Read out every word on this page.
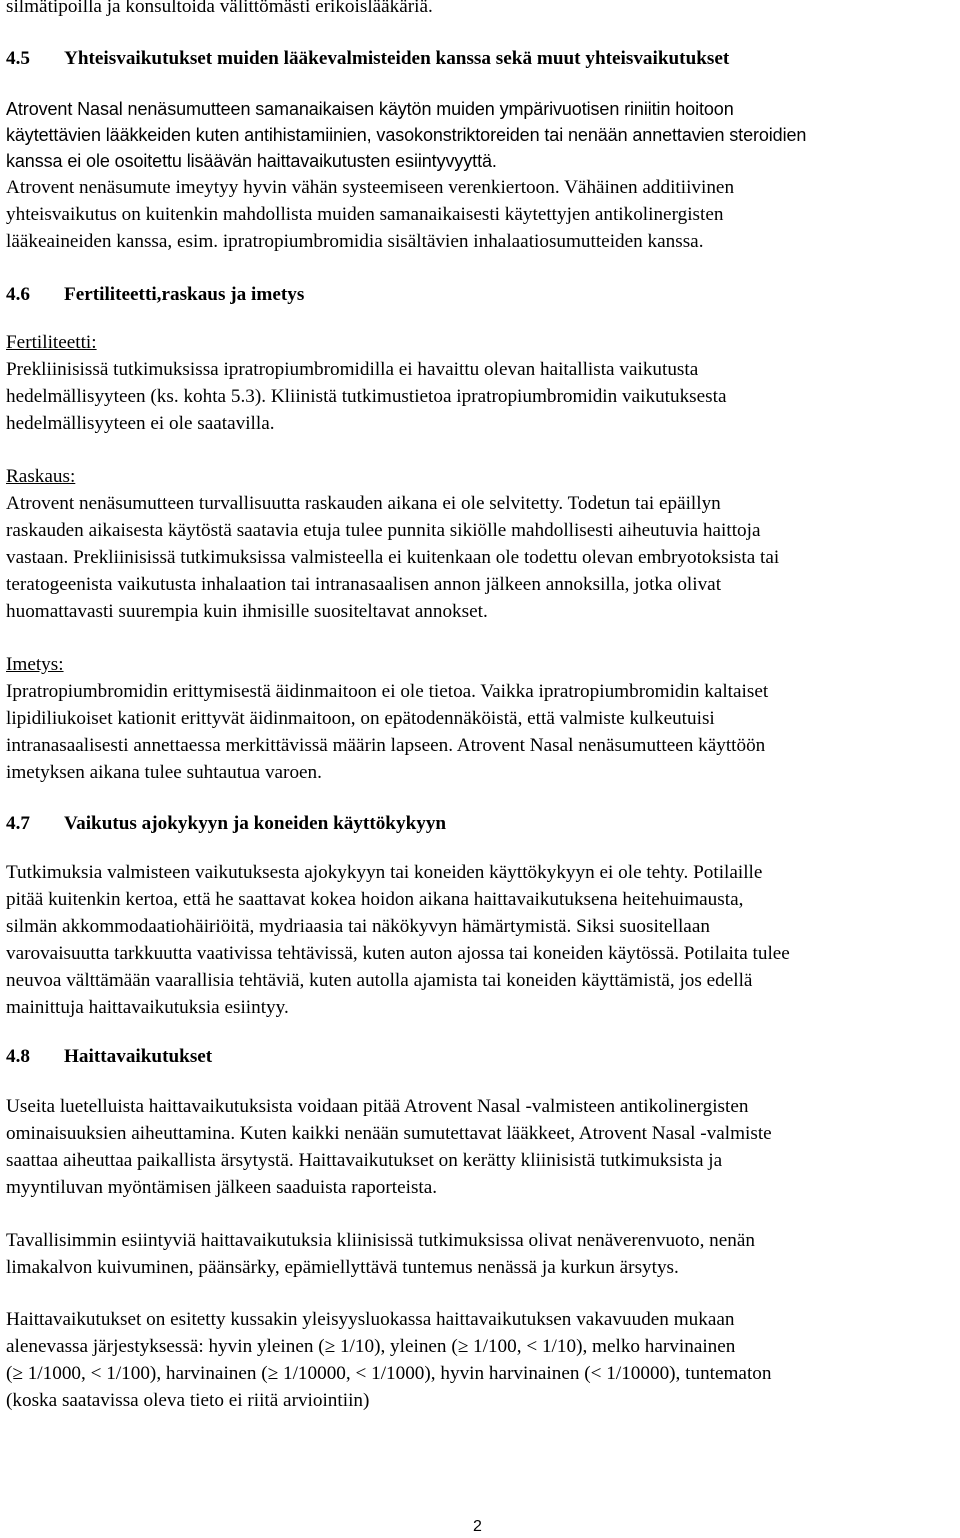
silmätipoilla ja konsultoida välittömästi erikoislääkäriä.
4.5 Yhteisvaikutukset muiden lääkevalmisteiden kanssa sekä muut yhteisvaikutukset
Atrovent Nasal nenäsumutteen samanaikaisen käytön muiden ympärivuotisen riniitin hoitoon
käytettävien lääkkeiden kuten antihistamiinien, vasokonstriktoreiden tai nenään annettavien steroidien
kanssa ei ole osoitettu lisäävän haittavaikutusten esiintyvyyttä.
Atrovent nenäsumute imeytyy hyvin vähän systeemiseen verenkiertoon. Vähäinen additiivinen
yhteisvaikutus on kuitenkin mahdollista muiden samanaikaisesti käytettyjen antikolinergisten
lääkeaineiden kanssa, esim. ipratropiumbromidia sisältävien inhalaatiosumutteiden kanssa.
4.6 Fertiliteetti,raskaus ja imetys
Fertiliteetti:
Prekliinisissä tutkimuksissa ipratropiumbromidilla ei havaittu olevan haitallista vaikutusta
hedelmällisyyteen (ks. kohta 5.3). Kliinistä tutkimustietoa ipratropiumbromidin vaikutuksesta
hedelmällisyyteen ei ole saatavilla.
Raskaus:
Atrovent nenäsumutteen turvallisuutta raskauden aikana ei ole selvitetty. Todetun tai epäillyn
raskauden aikaisesta käytöstä saatavia etuja tulee punnita sikiölle mahdollisesti aiheutuvia haittoja
vastaan. Prekliinisissä tutkimuksissa valmisteella ei kuitenkaan ole todettu olevan embryotoksista tai
teratogeenista vaikutusta inhalaation tai intranasaalisen annon jälkeen annoksilla, jotka olivat
huomattavasti suurempia kuin ihmisille suositeltavat annokset.
Imetys:
Ipratropiumbromidin erittymisestä äidinmaitoon ei ole tietoa. Vaikka ipratropiumbromidin kaltaiset
lipidiliukoiset kationit erittyvät äidinmaitoon, on epätodennäköistä, että valmiste kulkeutuisi
intranasaalisesti annettaessa merkittävissä määrin lapseen. Atrovent Nasal nenäsumutteen käyttöön
imetyksen aikana tulee suhtautua varoen.
4.7 Vaikutus ajokykyyn ja koneiden käyttökykyyn
Tutkimuksia valmisteen vaikutuksesta ajokykyyn tai koneiden käyttökykyyn ei ole tehty. Potilaille
pitää kuitenkin kertoa, että he saattavat kokea hoidon aikana haittavaikutuksena heitehuimausta,
silmän akkommodaatiohäiriöitä, mydriaasia tai näkökyvyn hämärtymistä. Siksi suositellaan
varovaisuutta tarkkuutta vaativissa tehtävissä, kuten auton ajossa tai koneiden käytössä. Potilaita tulee
neuvoa välttämään vaarallisia tehtäviä, kuten autolla ajamista tai koneiden käyttämistä, jos edellä
mainittuja haittavaikutuksia esiintyy.
4.8 Haittavaikutukset
Useita luetelluista haittavaikutuksista voidaan pitää Atrovent Nasal -valmisteen antikolinergisten
ominaisuuksien aiheuttamina. Kuten kaikki nenään sumutettavat lääkkeet, Atrovent Nasal -valmiste
saattaa aiheuttaa paikallista ärsytystä. Haittavaikutukset on kerätty kliinisistä tutkimuksista ja
myyntiluvan myöntämisen jälkeen saaduista raporteista.
Tavallisimmin esiintyviä haittavaikutuksia kliinisissä tutkimuksissa olivat nenäverenvuoto, nenän
limakalvon kuivuminen, päänsärky, epämiellyttävä tuntemus nenässä ja kurkun ärsytys.
Haittavaikutukset on esitetty kussakin yleisyysluokassa haittavaikutuksen vakavuuden mukaan
alenevassa järjestyksessä: hyvin yleinen (≥ 1/10), yleinen (≥ 1/100, < 1/10), melko harvinainen
(≥ 1/1000, < 1/100), harvinainen (≥ 1/10000, < 1/1000), hyvin harvinainen (< 1/10000), tuntematon
(koska saatavissa oleva tieto ei riitä arviointiin)
2
